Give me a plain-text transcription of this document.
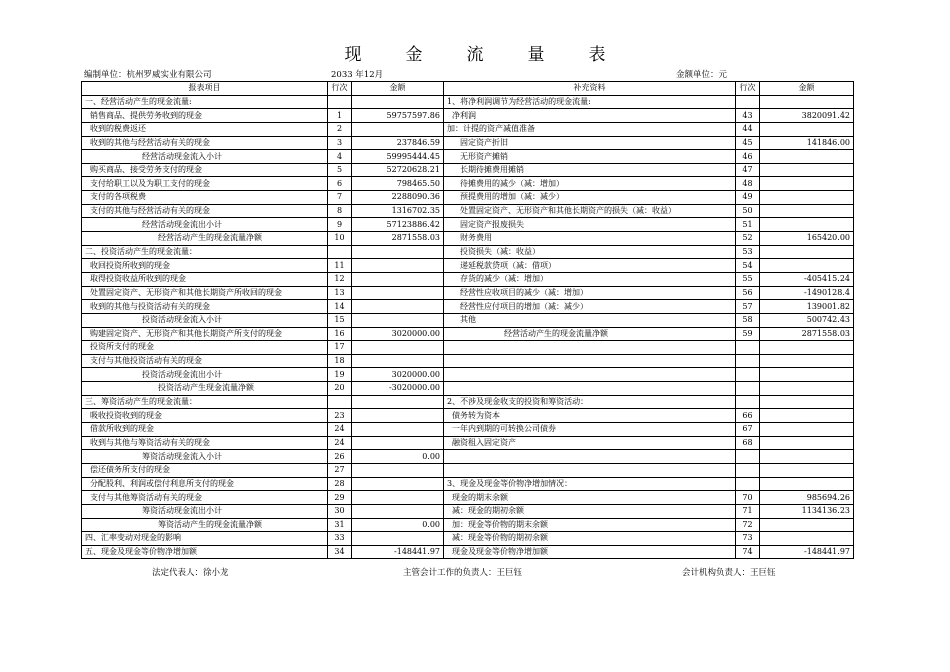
现	金	流	量	表
编制单位：杭州罗威实业有限公司	2033 年12月	金额单位：元
报表项目	行次	金额	补充资料	行次	金额
一、经营活动产生的现金流量:			1、将净利润调节为经营活动的现金流量:		
销售商品、提供劳务收到的现金	1	59757597.86	净利润	43	3820091.42
收到的税费返还	2		加：计提的资产减值准备	44	
收到的其他与经营活动有关的现金	3	237846.59	固定资产折旧	45	141846.00
经营活动现金流入小计	4	59995444.45	无形资产摊销	46	
购买商品、接受劳务支付的现金	5	52720628.21	长期待摊费用摊销	47	
支付给职工以及为职工支付的现金	6	798465.50	待摊费用的减少（减：增加）	48	
支付的各项税费	7	2288090.36	预提费用的增加（减：减少）	49	
支付的其他与经营活动有关的现金	8	1316702.35	处置固定资产、无形资产和其他长期资产的损失（减：收益）	50	
经营活动现金流出小计	9	57123886.42	固定资产报废损失	51	
经营活动产生的现金流量净额	10	2871558.03	财务费用	52	165420.00
二、投资活动产生的现金流量：			投资损失（减：收益）	53	
收回投资所收到的现金	11		递延税款贷项（减：借项）	54	
取得投资收益所收到的现金	12		存货的减少（减：增加）	55	-405415.24
处置固定资产、无形资产和其他长期资产所收回的现金	13		经营性应收项目的减少（减：增加）	56	-1490128.4
收到的其他与投资活动有关的现金	14		经营性应付项目的增加（减：减少）	57	139001.82
投资活动现金流入小计	15		其他	58	500742.43
购建固定资产、无形资产和其他长期资产所支付的现金	16	3020000.00	经营活动产生的现金流量净额	59	2871558.03
投资所支付的现金	17				
支付与其他投资活动有关的现金	18				
投资活动现金流出小计	19	3020000.00			
投资活动产生现金流量净额	20	-3020000.00			
三、筹资活动产生的现金流量：			2、不涉及现金收支的投资和筹资活动：		
吸收投资收到的现金	23		债务转为资本	66	
借款所收到的现金	24		一年内到期的可转换公司债券	67	
收到与其他与筹资活动有关的现金	24		融资租入固定资产	68	
筹资活动现金流入小计	26	0.00			
偿还债务所支付的现金	27				
分配股利、利润或偿付利息所支付的现金	28		3、现金及现金等价物净增加情况：		
支付与其他筹资活动有关的现金	29		现金的期末余额	70	985694.26
筹资活动现金流出小计	30		减：现金的期初余额	71	1134136.23
筹资活动产生的现金流量净额	31	0.00	加：现金等价物的期末余额	72	
四、汇率变动对现金的影响	33		减：现金等价物的期初余额	73	
五、现金及现金等价物净增加额	34	-148441.97	现金及现金等价物净增加额	74	-148441.97
法定代表人：徐小龙	主管会计工作的负责人：王巨钰	会计机构负责人：王巨钰
